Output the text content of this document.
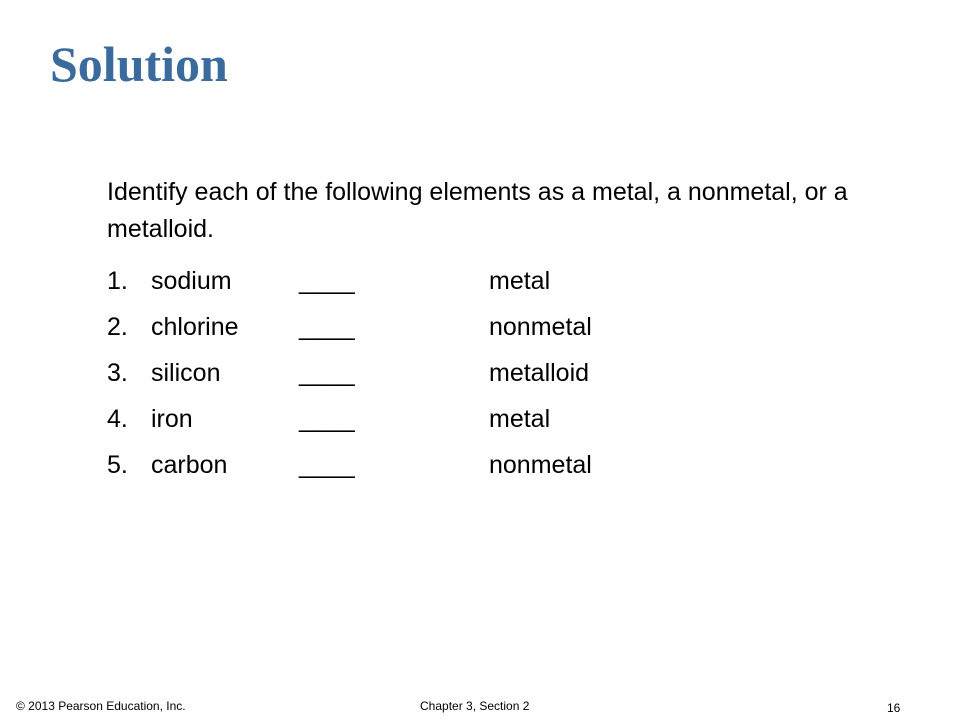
Solution

Identify each of the following elements as a metal, a nonmetal, or a metalloid.

1. sodium	____	metal
2. chlorine ____	nonmetal
3. silicon	____	metalloid
4. iron	____	metal
5. carbon	____	nonmetal
© 2013 Pearson Education, Inc.	Chapter 3, Section 2	16
